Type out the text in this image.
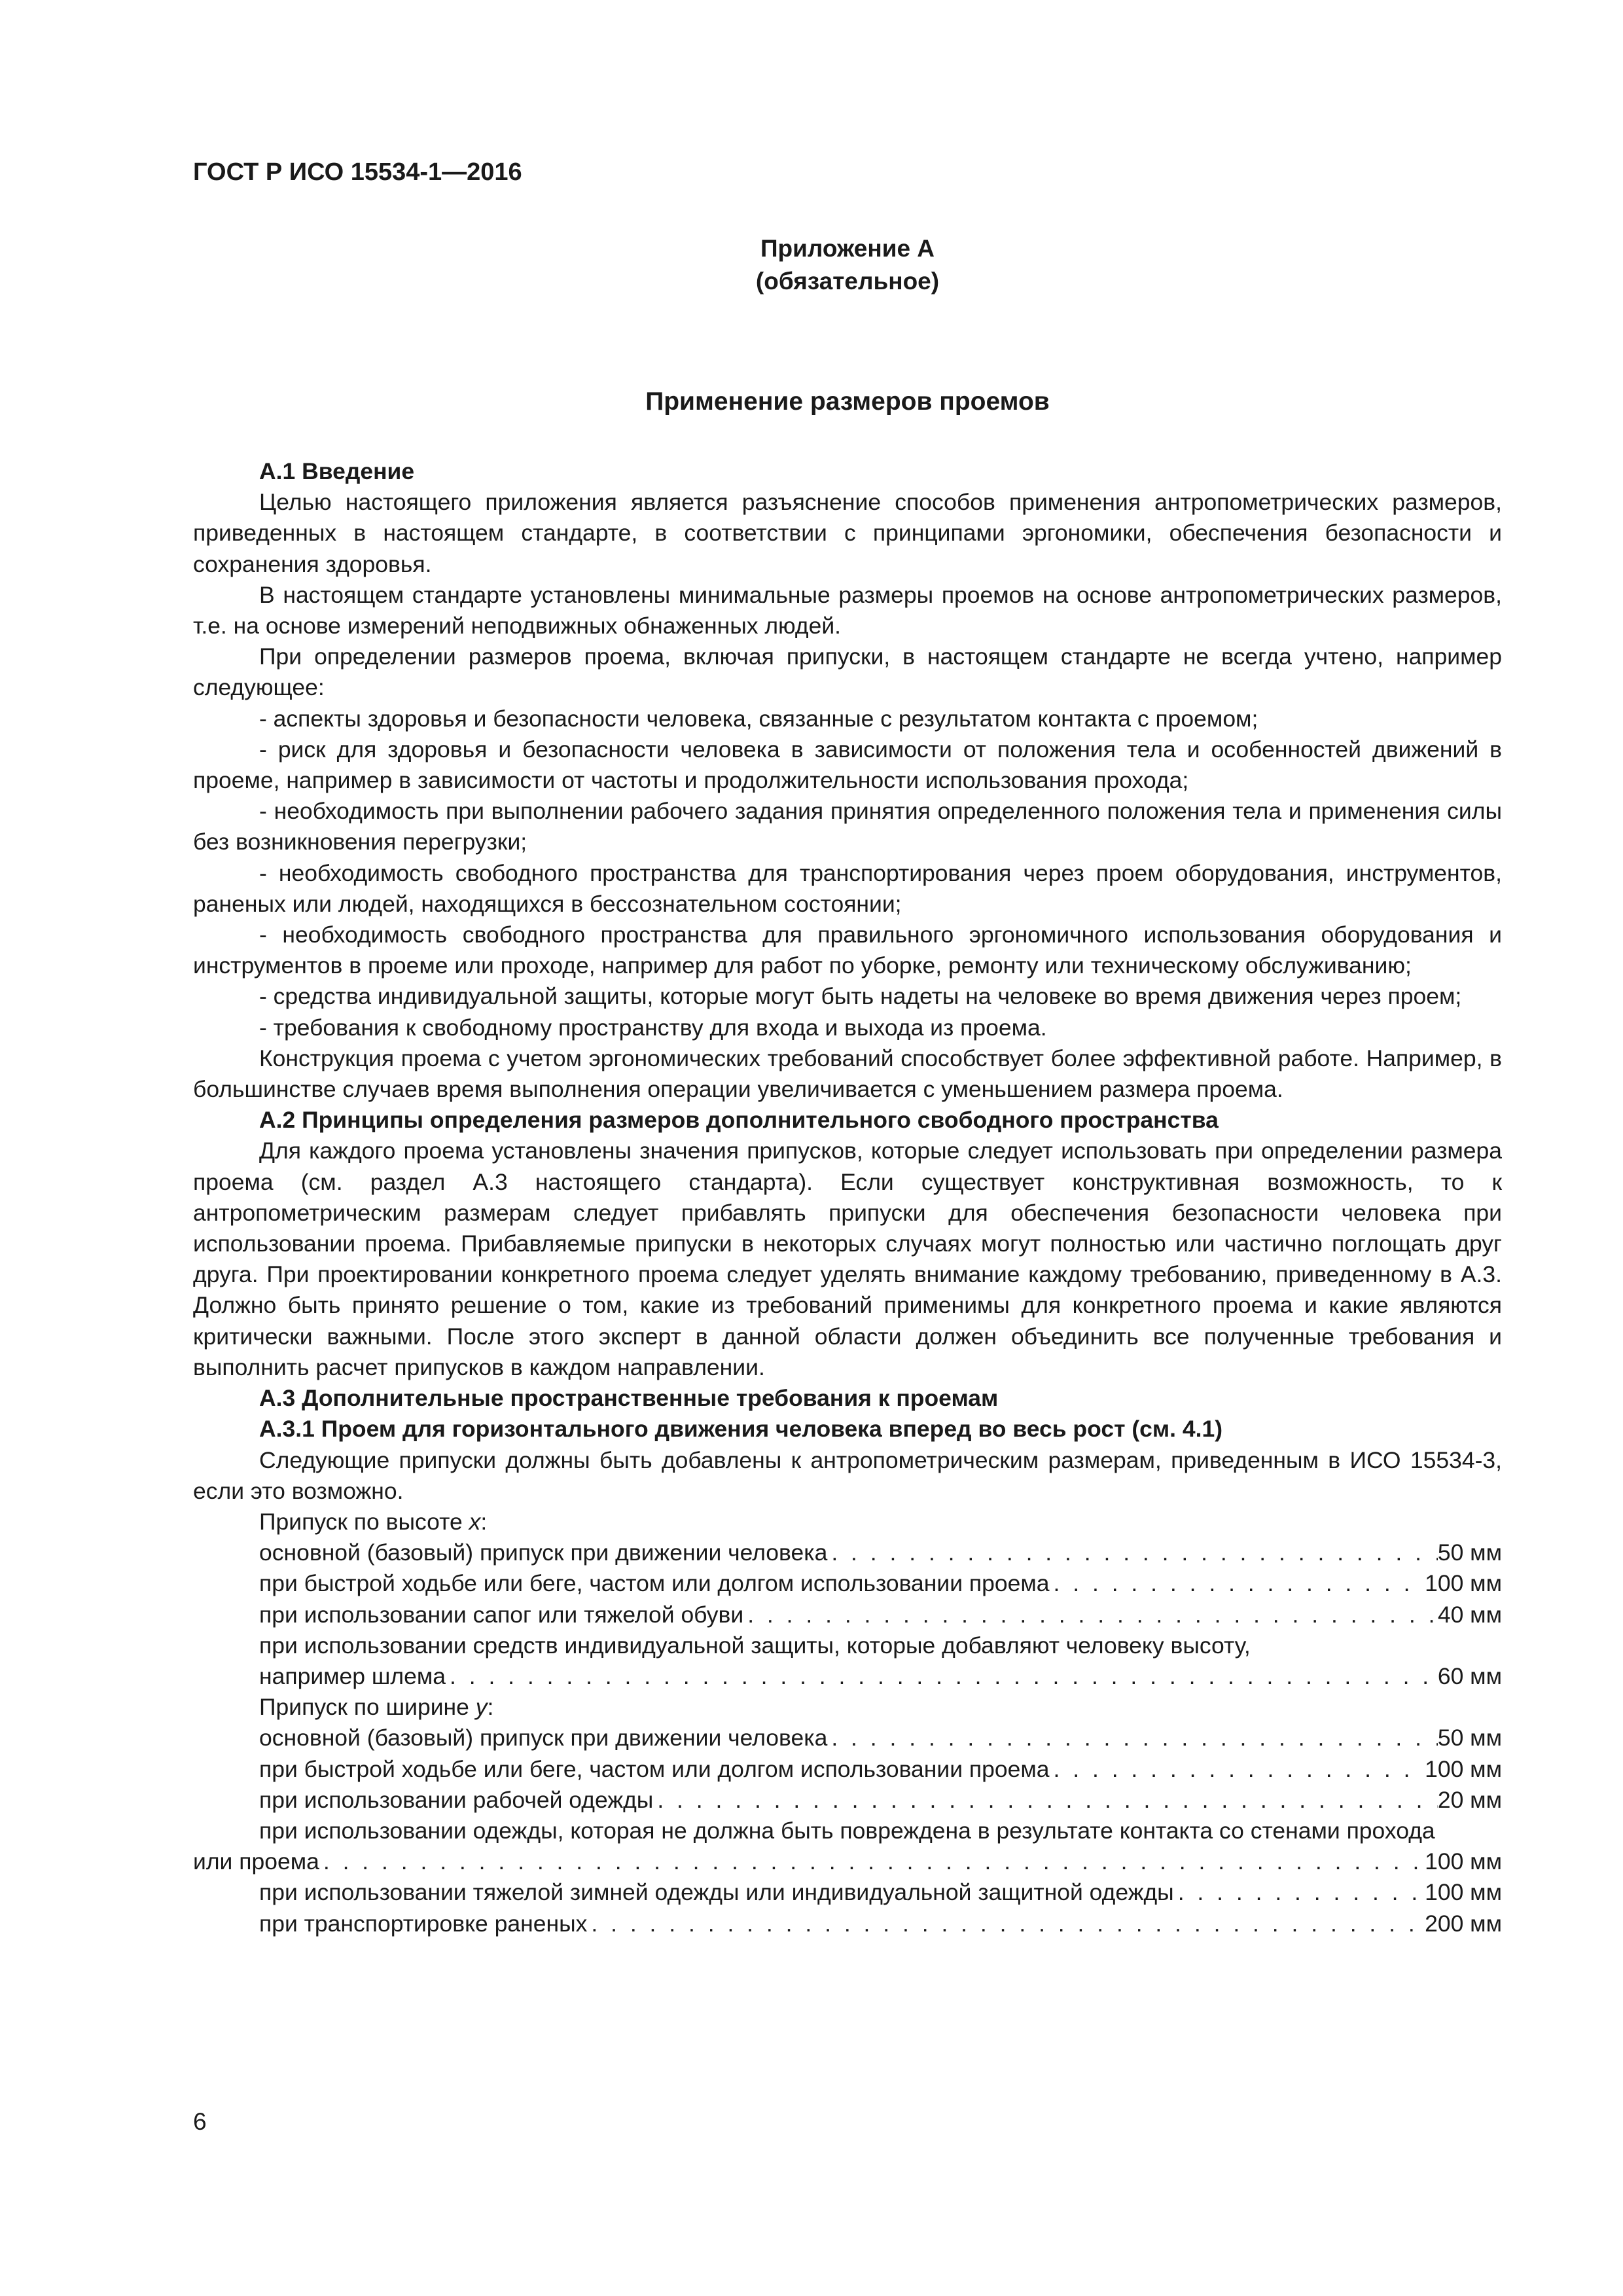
ГОСТ Р ИСО 15534-1—2016
Приложение А
(обязательное)
Применение размеров проемов
А.1 Введение
Целью настоящего приложения является разъяснение способов применения антропометрических размеров, приведенных в настоящем стандарте, в соответствии с принципами эргономики, обеспечения безопасности и сохранения здоровья.
В настоящем стандарте установлены минимальные размеры проемов на основе антропометрических размеров, т.е. на основе измерений неподвижных обнаженных людей.
При определении размеров проема, включая припуски, в настоящем стандарте не всегда учтено, например следующее:
- аспекты здоровья и безопасности человека, связанные с результатом контакта с проемом;
- риск для здоровья и безопасности человека в зависимости от положения тела и особенностей движений в проеме, например в зависимости от частоты и продолжительности использования прохода;
- необходимость при выполнении рабочего задания принятия определенного положения тела и применения силы без возникновения перегрузки;
- необходимость свободного пространства для транспортирования через проем оборудования, инструментов, раненых или людей, находящихся в бессознательном состоянии;
- необходимость свободного пространства для правильного эргономичного использования оборудования и инструментов в проеме или проходе, например для работ по уборке, ремонту или техническому обслуживанию;
- средства индивидуальной защиты, которые могут быть надеты на человеке во время движения через проем;
- требования к свободному пространству для входа и выхода из проема.
Конструкция проема с учетом эргономических требований способствует более эффективной работе. Например, в большинстве случаев время выполнения операции увеличивается с уменьшением размера проема.
А.2 Принципы определения размеров дополнительного свободного пространства
Для каждого проема установлены значения припусков, которые следует использовать при определении размера проема (см. раздел А.3 настоящего стандарта). Если существует конструктивная возможность, то к антропометрическим размерам следует прибавлять припуски для обеспечения безопасности человека при использовании проема. Прибавляемые припуски в некоторых случаях могут полностью или частично поглощать друг друга. При проектировании конкретного проема следует уделять внимание каждому требованию, приведенному в А.3. Должно быть принято решение о том, какие из требований применимы для конкретного проема и какие являются критически важными. После этого эксперт в данной области должен объединить все полученные требования и выполнить расчет припусков в каждом направлении.
А.3 Дополнительные пространственные требования к проемам
А.3.1 Проем для горизонтального движения человека вперед во весь рост (см. 4.1)
Следующие припуски должны быть добавлены к антропометрическим размерам, приведенным в ИСО 15534-3, если это возможно.
Припуск по высоте x:
основной (базовый) припуск при движении человека . . .	50 мм
при быстрой ходьбе или беге, частом или долгом использовании проема . . .	100 мм
при использовании сапог или тяжелой обуви . . .	40 мм
при использовании средств индивидуальной защиты, которые добавляют человеку высоту,
например шлема . . .	60 мм
Припуск по ширине y:
основной (базовый) припуск при движении человека . . .	50 мм
при быстрой ходьбе или беге, частом или долгом использовании проема . . .	100 мм
при использовании рабочей одежды . . .	20 мм
при использовании одежды, которая не должна быть повреждена в результате контакта со стенами прохода
или проема . . .	100 мм
при использовании тяжелой зимней одежды или индивидуальной защитной одежды . . .	100 мм
при транспортировке раненых . . .	200 мм
6
